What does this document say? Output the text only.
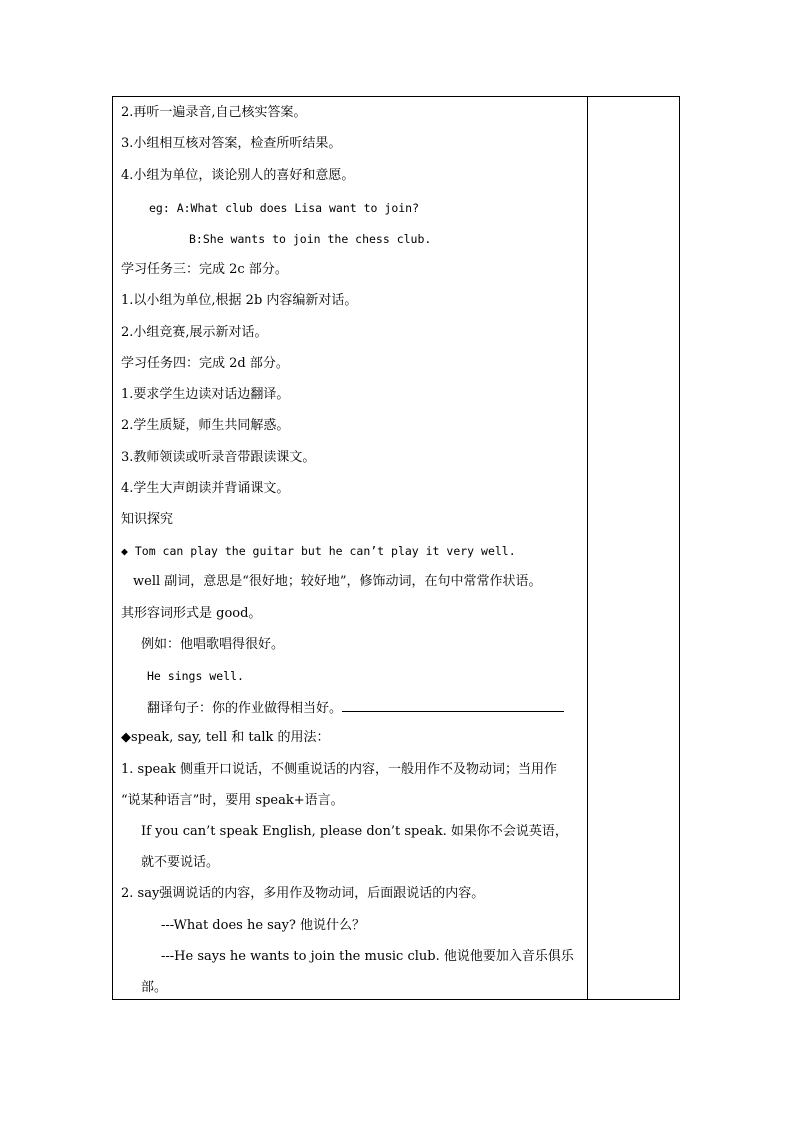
2.再听一遍录音,自己核实答案。
3.小组相互核对答案，检查所听结果。
4.小组为单位，谈论别人的喜好和意愿。
eg: A:What club does Lisa want to join?
B:She wants to join the chess club.
学习任务三：完成 2c 部分。
1.以小组为单位,根据 2b 内容编新对话。
2.小组竞赛,展示新对话。
学习任务四：完成 2d 部分。
1.要求学生边读对话边翻译。
2.学生质疑，师生共同解惑。
3.教师领读或听录音带跟读课文。
4.学生大声朗读并背诵课文。
知识探究
◆ Tom can play the guitar but he can’t play it very well.
well 副词，意思是“很好地；较好地”，修饰动词，在句中常常作状语。
其形容词形式是 good。
例如：他唱歌唱得很好。
He sings well.
翻译句子：你的作业做得相当好。
◆speak, say, tell 和 talk 的用法：
1. speak 侧重开口说话，不侧重说话的内容，一般用作不及物动词；当用作
“说某种语言”时，要用 speak+语言。
If you can’t speak English, please don’t speak. 如果你不会说英语，
就不要说话。
2. say强调说话的内容，多用作及物动词，后面跟说话的内容。
---What does he say? 他说什么？
---He says he wants to join the music club. 他说他要加入音乐俱乐
部。
